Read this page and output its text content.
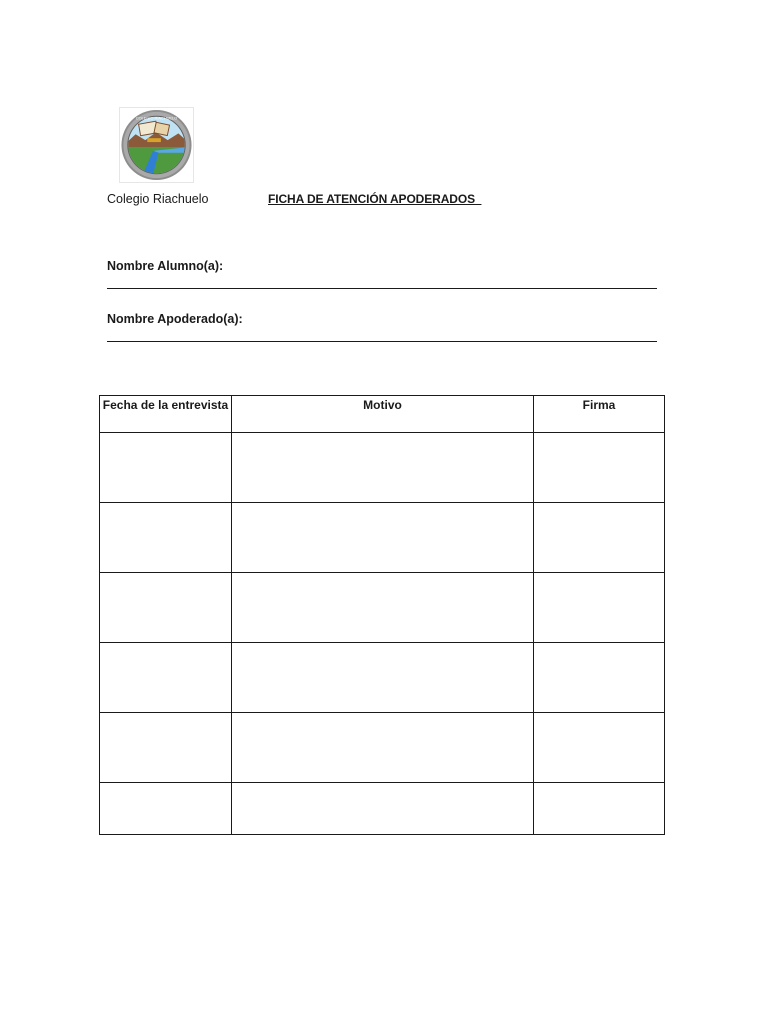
COLEGIO RIACHUELO
Colegio Riachuelo	FICHA DE ATENCIÓN APODERADOS
Nombre Alumno(a):
Nombre Apoderado(a):
Fecha de la entrevista	Motivo	Firma
